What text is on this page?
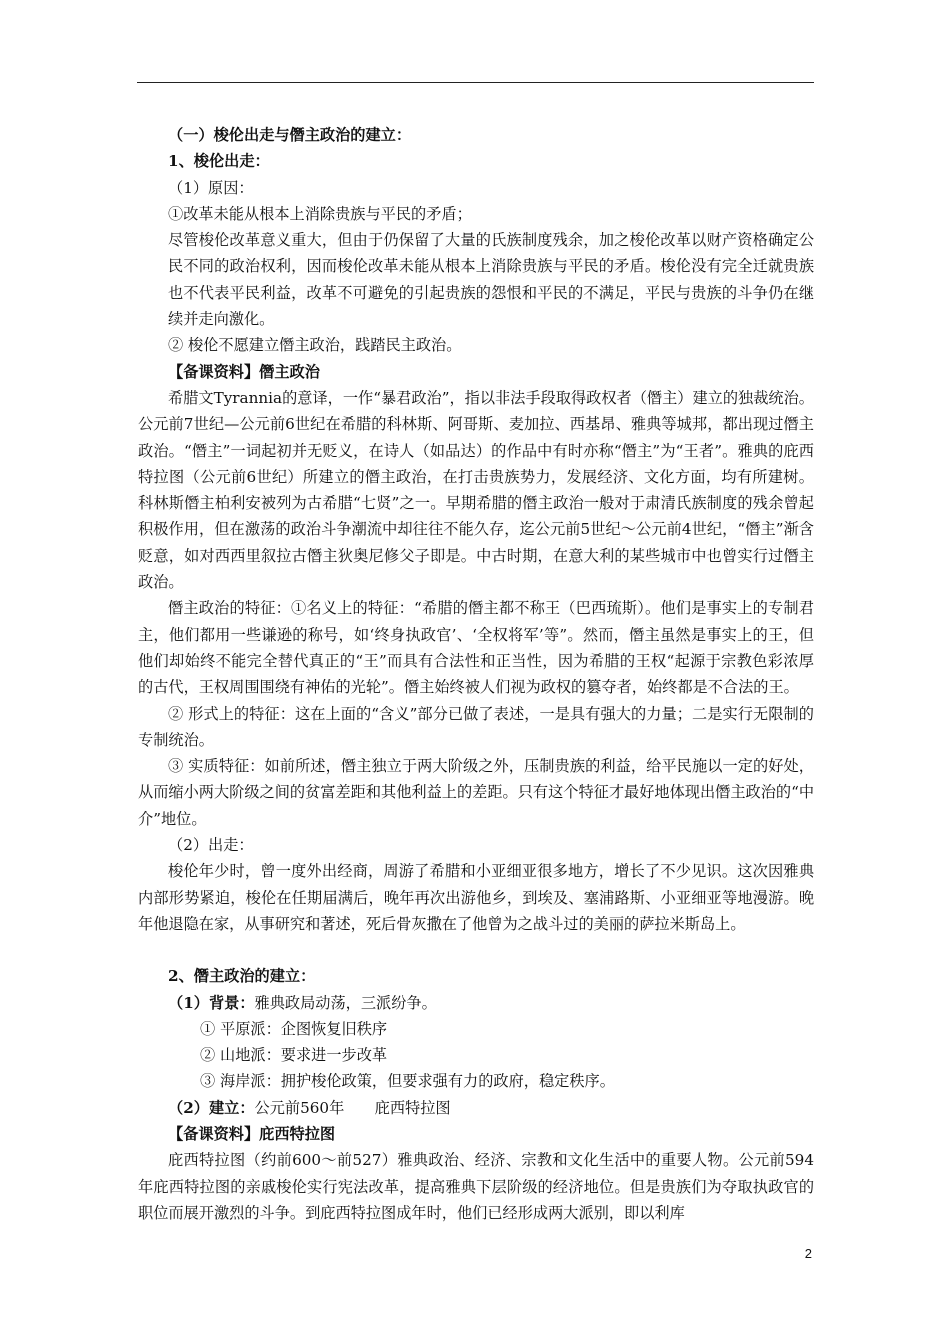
（一）梭伦出走与僭主政治的建立：

1、梭伦出走：

（1）原因：

①改革未能从根本上消除贵族与平民的矛盾；

尽管梭伦改革意义重大，但由于仍保留了大量的氏族制度残余，加之梭伦改革以财产资格确定公民不同的政治权利，因而梭伦改革未能从根本上消除贵族与平民的矛盾。梭伦没有完全迁就贵族也不代表平民利益，改革不可避免的引起贵族的怨恨和平民的不满足，平民与贵族的斗争仍在继续并走向激化。

② 梭伦不愿建立僭主政治，践踏民主政治。

【备课资料】僭主政治

希腊文Tyrannia的意译，一作“暴君政治”，指以非法手段取得政权者（僭主）建立的独裁统治。公元前7世纪—公元前6世纪在希腊的科林斯、阿哥斯、麦加拉、西基昂、雅典等城邦，都出现过僭主政治。“僭主”一词起初并无贬义，在诗人（如品达）的作品中有时亦称“僭主”为“王者”。雅典的庇西特拉图（公元前6世纪）所建立的僭主政治，在打击贵族势力，发展经济、文化方面，均有所建树。科林斯僭主柏利安被列为古希腊“七贤”之一。早期希腊的僭主政治一般对于肃清氏族制度的残余曾起积极作用，但在激荡的政治斗争潮流中却往往不能久存，迄公元前5世纪～公元前4世纪，“僭主”渐含贬意，如对西西里叙拉古僭主狄奥尼修父子即是。中古时期，在意大利的某些城市中也曾实行过僭主政治。

僭主政治的特征：①名义上的特征：“希腊的僭主都不称王（巴西琉斯）。他们是事实上的专制君主，他们都用一些谦逊的称号，如‘终身执政官’、‘全权将军’等”。然而，僭主虽然是事实上的王，但他们却始终不能完全替代真正的“王”而具有合法性和正当性，因为希腊的王权“起源于宗教色彩浓厚的古代，王权周围围绕有神佑的光轮”。僭主始终被人们视为政权的篡夺者，始终都是不合法的王。

② 形式上的特征：这在上面的“含义”部分已做了表述，一是具有强大的力量；二是实行无限制的专制统治。

③ 实质特征：如前所述，僭主独立于两大阶级之外，压制贵族的利益，给平民施以一定的好处，从而缩小两大阶级之间的贫富差距和其他利益上的差距。只有这个特征才最好地体现出僭主政治的“中介”地位。

（2）出走：

梭伦年少时，曾一度外出经商，周游了希腊和小亚细亚很多地方，增长了不少见识。这次因雅典内部形势紧迫，梭伦在任期届满后，晚年再次出游他乡，到埃及、塞浦路斯、小亚细亚等地漫游。晚年他退隐在家，从事研究和著述，死后骨灰撒在了他曾为之战斗过的美丽的萨拉米斯岛上。

2、僭主政治的建立：

（1）背景：雅典政局动荡，三派纷争。

① 平原派：企图恢复旧秩序

② 山地派：要求进一步改革

③ 海岸派：拥护梭伦政策，但要求强有力的政府，稳定秩序。

（2）建立：公元前560年　　庇西特拉图

【备课资料】庇西特拉图

庇西特拉图（约前600～前527）雅典政治、经济、宗教和文化生活中的重要人物。公元前594年庇西特拉图的亲戚梭伦实行宪法改革，提高雅典下层阶级的经济地位。但是贵族们为夺取执政官的职位而展开激烈的斗争。到庇西特拉图成年时，他们已经形成两大派别，即以利库

2
